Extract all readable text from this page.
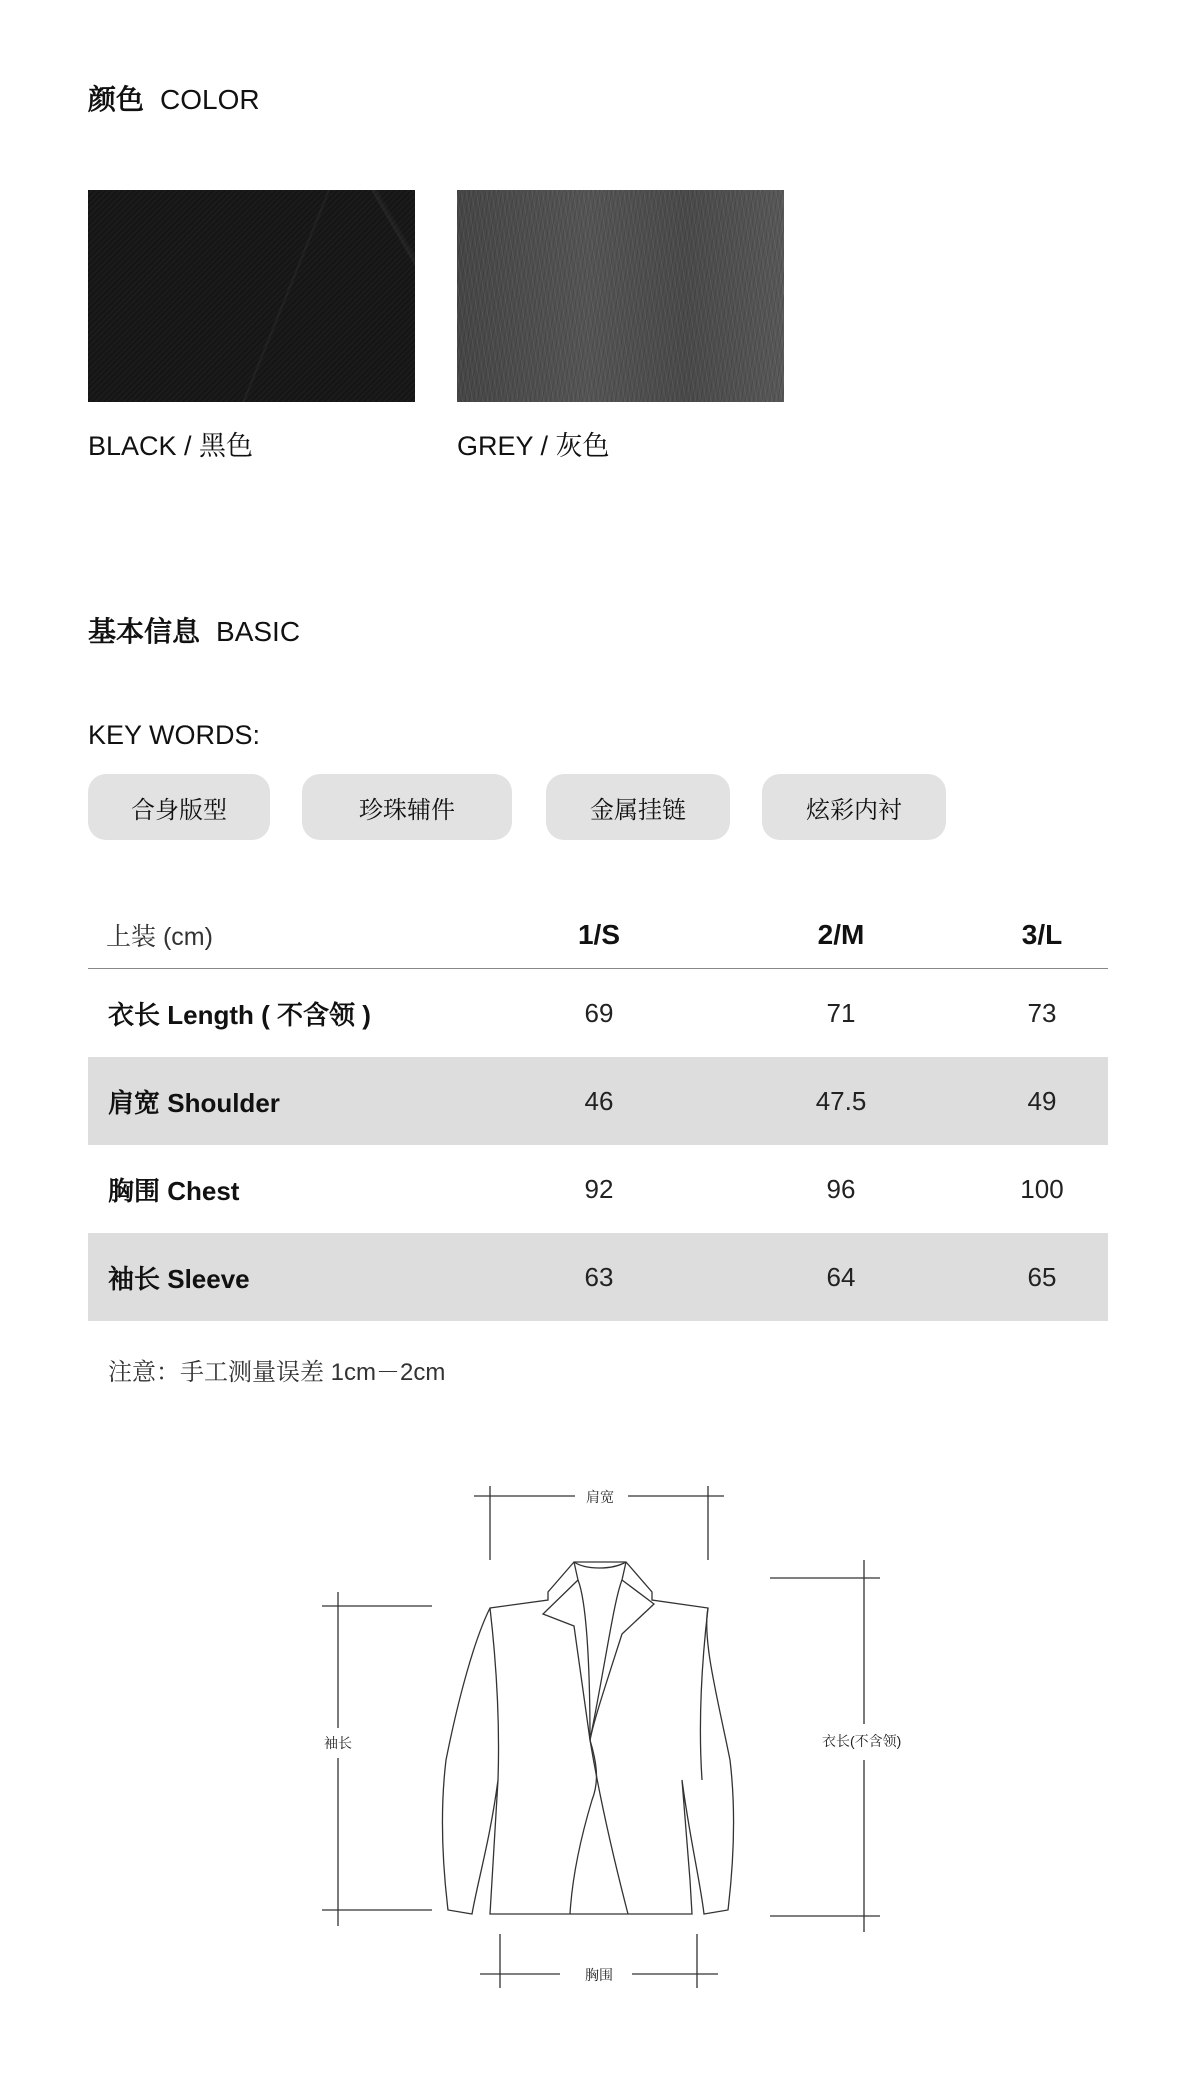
颜色 COLOR
BLACK / 黑色	GREY / 灰色
基本信息 BASIC
KEY WORDS:
合身版型	珍珠辅件	金属挂链	炫彩内衬
上装 (cm)	1/S	2/M	3/L
衣长 Length ( 不含领 )	69	71	73
肩宽 Shoulder	46	47.5	49
胸围 Chest	92	96	100
袖长 Sleeve	63	64	65
注意：手工测量误差 1cm－2cm
肩宽
袖长	衣长(不含领)
胸围
